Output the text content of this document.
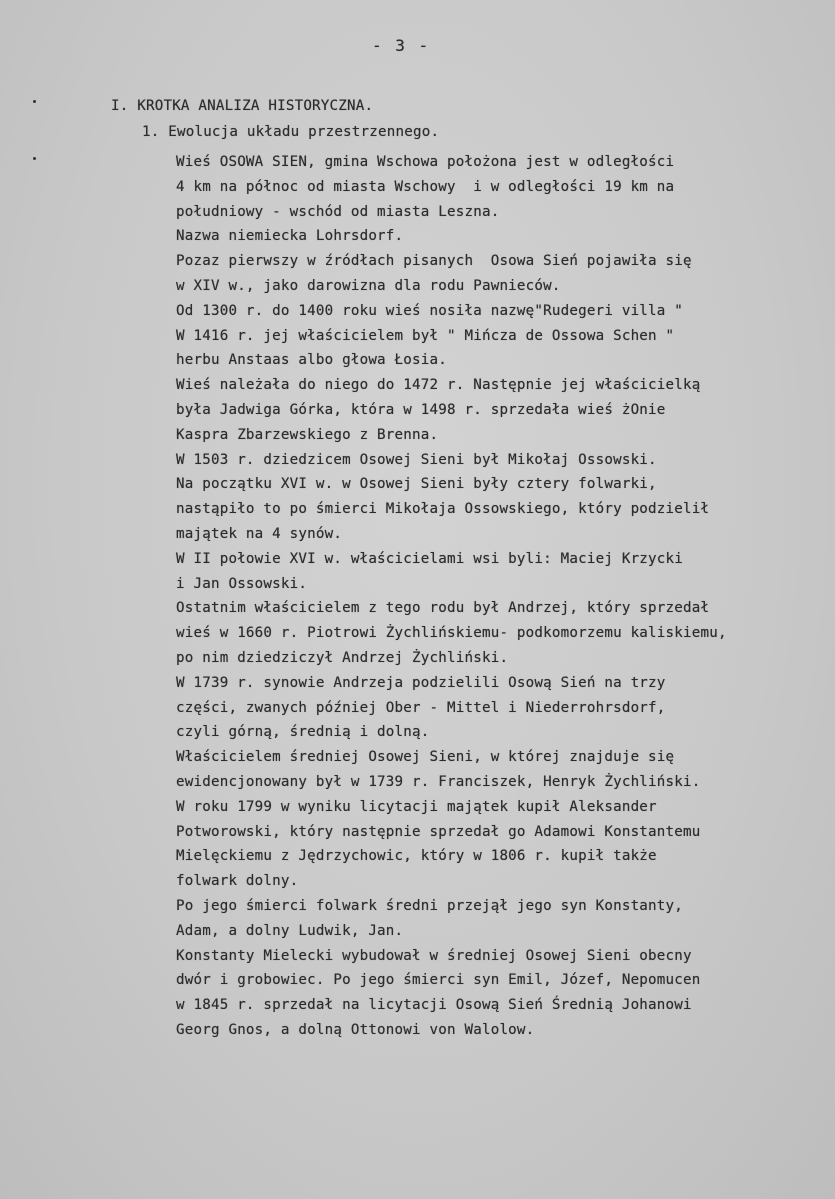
- 3 -
I. KROTKA ANALIZA HISTORYCZNA.
1. Ewolucja układu przestrzennego.
Wieś OSOWA SIEN, gmina Wschowa położona jest w odległości
4 km na północ od miasta Wschowy  i w odległości 19 km na
południowy - wschód od miasta Leszna.
Nazwa niemiecka Lohrsdorf.
Pozaz pierwszy w źródłach pisanych  Osowa Sień pojawiła się
w XIV w., jako darowizna dla rodu Pawnieców.
Od 1300 r. do 1400 roku wieś nosiła nazwę"Rudegeri villa "
W 1416 r. jej właścicielem był " Mińcza de Ossowa Schen "
herbu Anstaas albo głowa Łosia.
Wieś należała do niego do 1472 r. Następnie jej właścicielką
była Jadwiga Górka, która w 1498 r. sprzedała wieś żOnie
Kaspra Zbarzewskiego z Brenna.
W 1503 r. dziedzicem Osowej Sieni był Mikołaj Ossowski.
Na początku XVI w. w Osowej Sieni były cztery folwarki,
nastąpiło to po śmierci Mikołaja Ossowskiego, który podzielił
majątek na 4 synów.
W II połowie XVI w. właścicielami wsi byli: Maciej Krzycki
i Jan Ossowski.
Ostatnim właścicielem z tego rodu był Andrzej, który sprzedał
wieś w 1660 r. Piotrowi Żychlińskiemu- podkomorzemu kaliskiemu,
po nim dziedziczył Andrzej Żychliński.
W 1739 r. synowie Andrzeja podzielili Osową Sień na trzy
części, zwanych później Ober - Mittel i Niederrohrsdorf,
czyli górną, średnią i dolną.
Właścicielem średniej Osowej Sieni, w której znajduje się
ewidencjonowany był w 1739 r. Franciszek, Henryk Żychliński.
W roku 1799 w wyniku licytacji majątek kupił Aleksander
Potworowski, który następnie sprzedał go Adamowi Konstantemu
Mielęckiemu z Jędrzychowic, który w 1806 r. kupił także
folwark dolny.
Po jego śmierci folwark średni przejął jego syn Konstanty,
Adam, a dolny Ludwik, Jan.
Konstanty Mielecki wybudował w średniej Osowej Sieni obecny
dwór i grobowiec. Po jego śmierci syn Emil, Józef, Nepomucen
w 1845 r. sprzedał na licytacji Osową Sień Średnią Johanowi
Georg Gnos, a dolną Ottonowi von Walolow.
